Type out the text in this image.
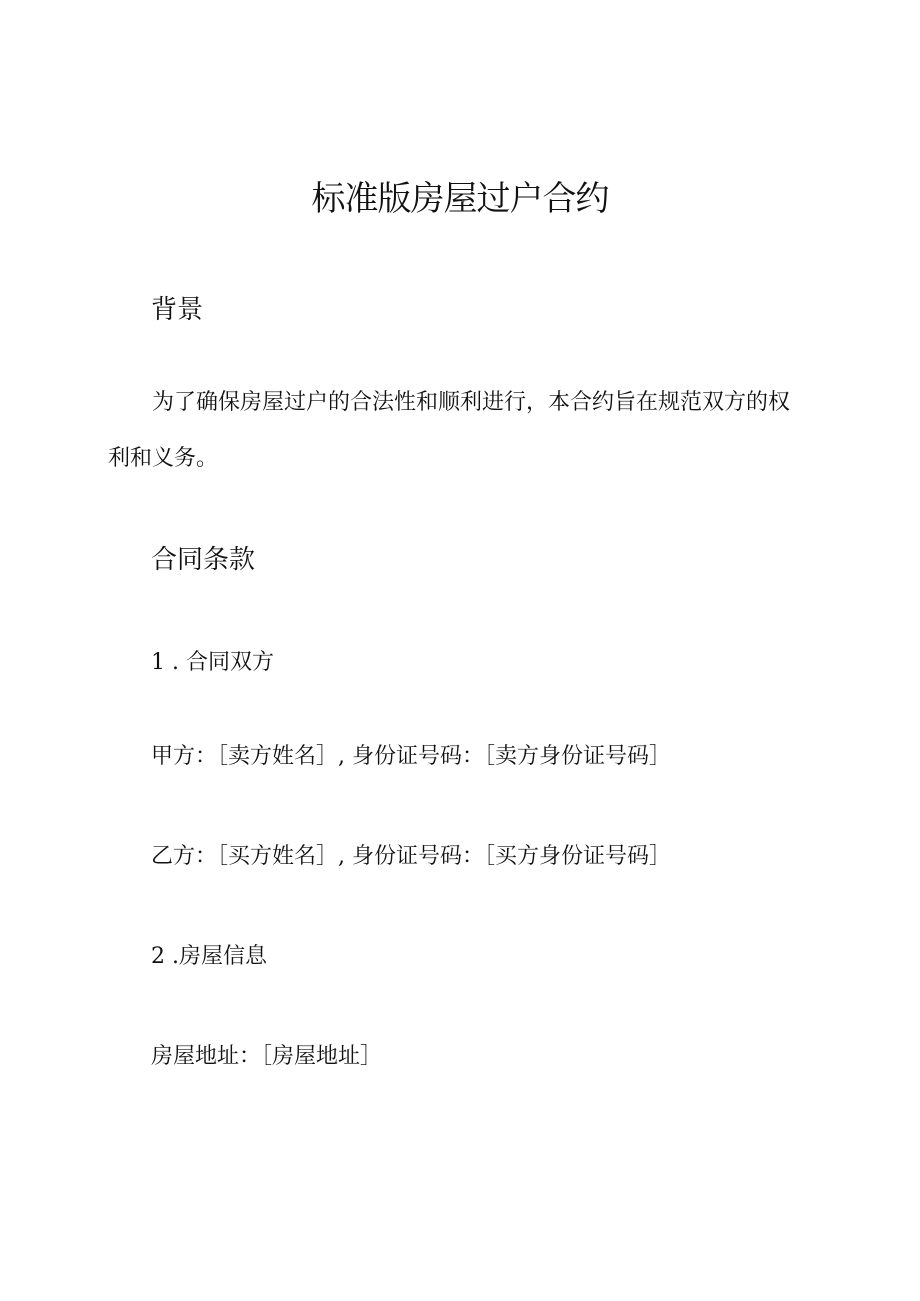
标准版房屋过户合约
背景
为了确保房屋过户的合法性和顺利进行，本合约旨在规范双方的权利和义务。
合同条款
1 . 合同双方
甲方：［卖方姓名］, 身份证号码：［卖方身份证号码］
乙方：［买方姓名］, 身份证号码：［买方身份证号码］
2 .房屋信息
房屋地址：［房屋地址］
